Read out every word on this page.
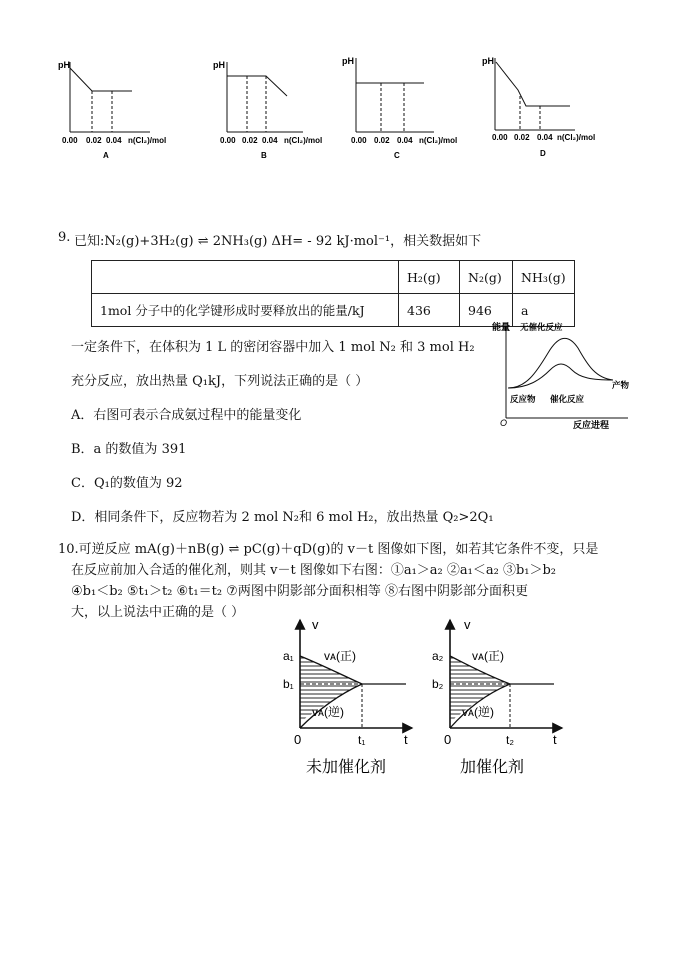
pH
0.00 0.02 0.04 n(Cl₂)/mol
A
pH
0.00 0.02 0.04 n(Cl₂)/mol
B
pH
0.00 0.02 0.04 n(Cl₂)/mol
C
pH
0.00 0.02 0.04 n(Cl₂)/mol
D
9. 已知:N₂(g)+3H₂(g) ⇌ 2NH₃(g) ΔH= - 92 kJ·mol⁻¹，相关数据如下
	H₂(g)	N₂(g)	NH₃(g)
1mol 分子中的化学键形成时要释放出的能量/kJ	436	946	a
一定条件下，在体积为 1 L 的密闭容器中加入 1 mol N₂ 和 3 mol H₂
充分反应，放出热量 Q₁kJ，下列说法正确的是（ ）
A．右图可表示合成氨过程中的能量变化
B．a 的数值为 391
C．Q₁的数值为 92
D．相同条件下，反应物若为 2 mol N₂和 6 mol H₂，放出热量 Q₂>2Q₁
能量
O	反应进程
无催化反应
催化反应
反应物
产物
10.可逆反应 mA(g)＋nB(g) ⇌ pC(g)＋qD(g)的 v－t 图像如下图，如若其它条件不变，只是
在反应前加入合适的催化剂，则其 v－t 图像如下右图：①a₁＞a₂ ②a₁＜a₂ ③b₁＞b₂
④b₁＜b₂ ⑤t₁＞t₂ ⑥t₁＝t₂ ⑦两图中阴影部分面积相等 ⑧右图中阴影部分面积更
大，以上说法中正确的是（ ）
v
a₁
b₁
0	t₁	t
vᴀ(正)
vᴀ(逆)
未加催化剂
v
a₂
b₂
0	t₂	t
vᴀ(正)
vᴀ(逆)
加催化剂
